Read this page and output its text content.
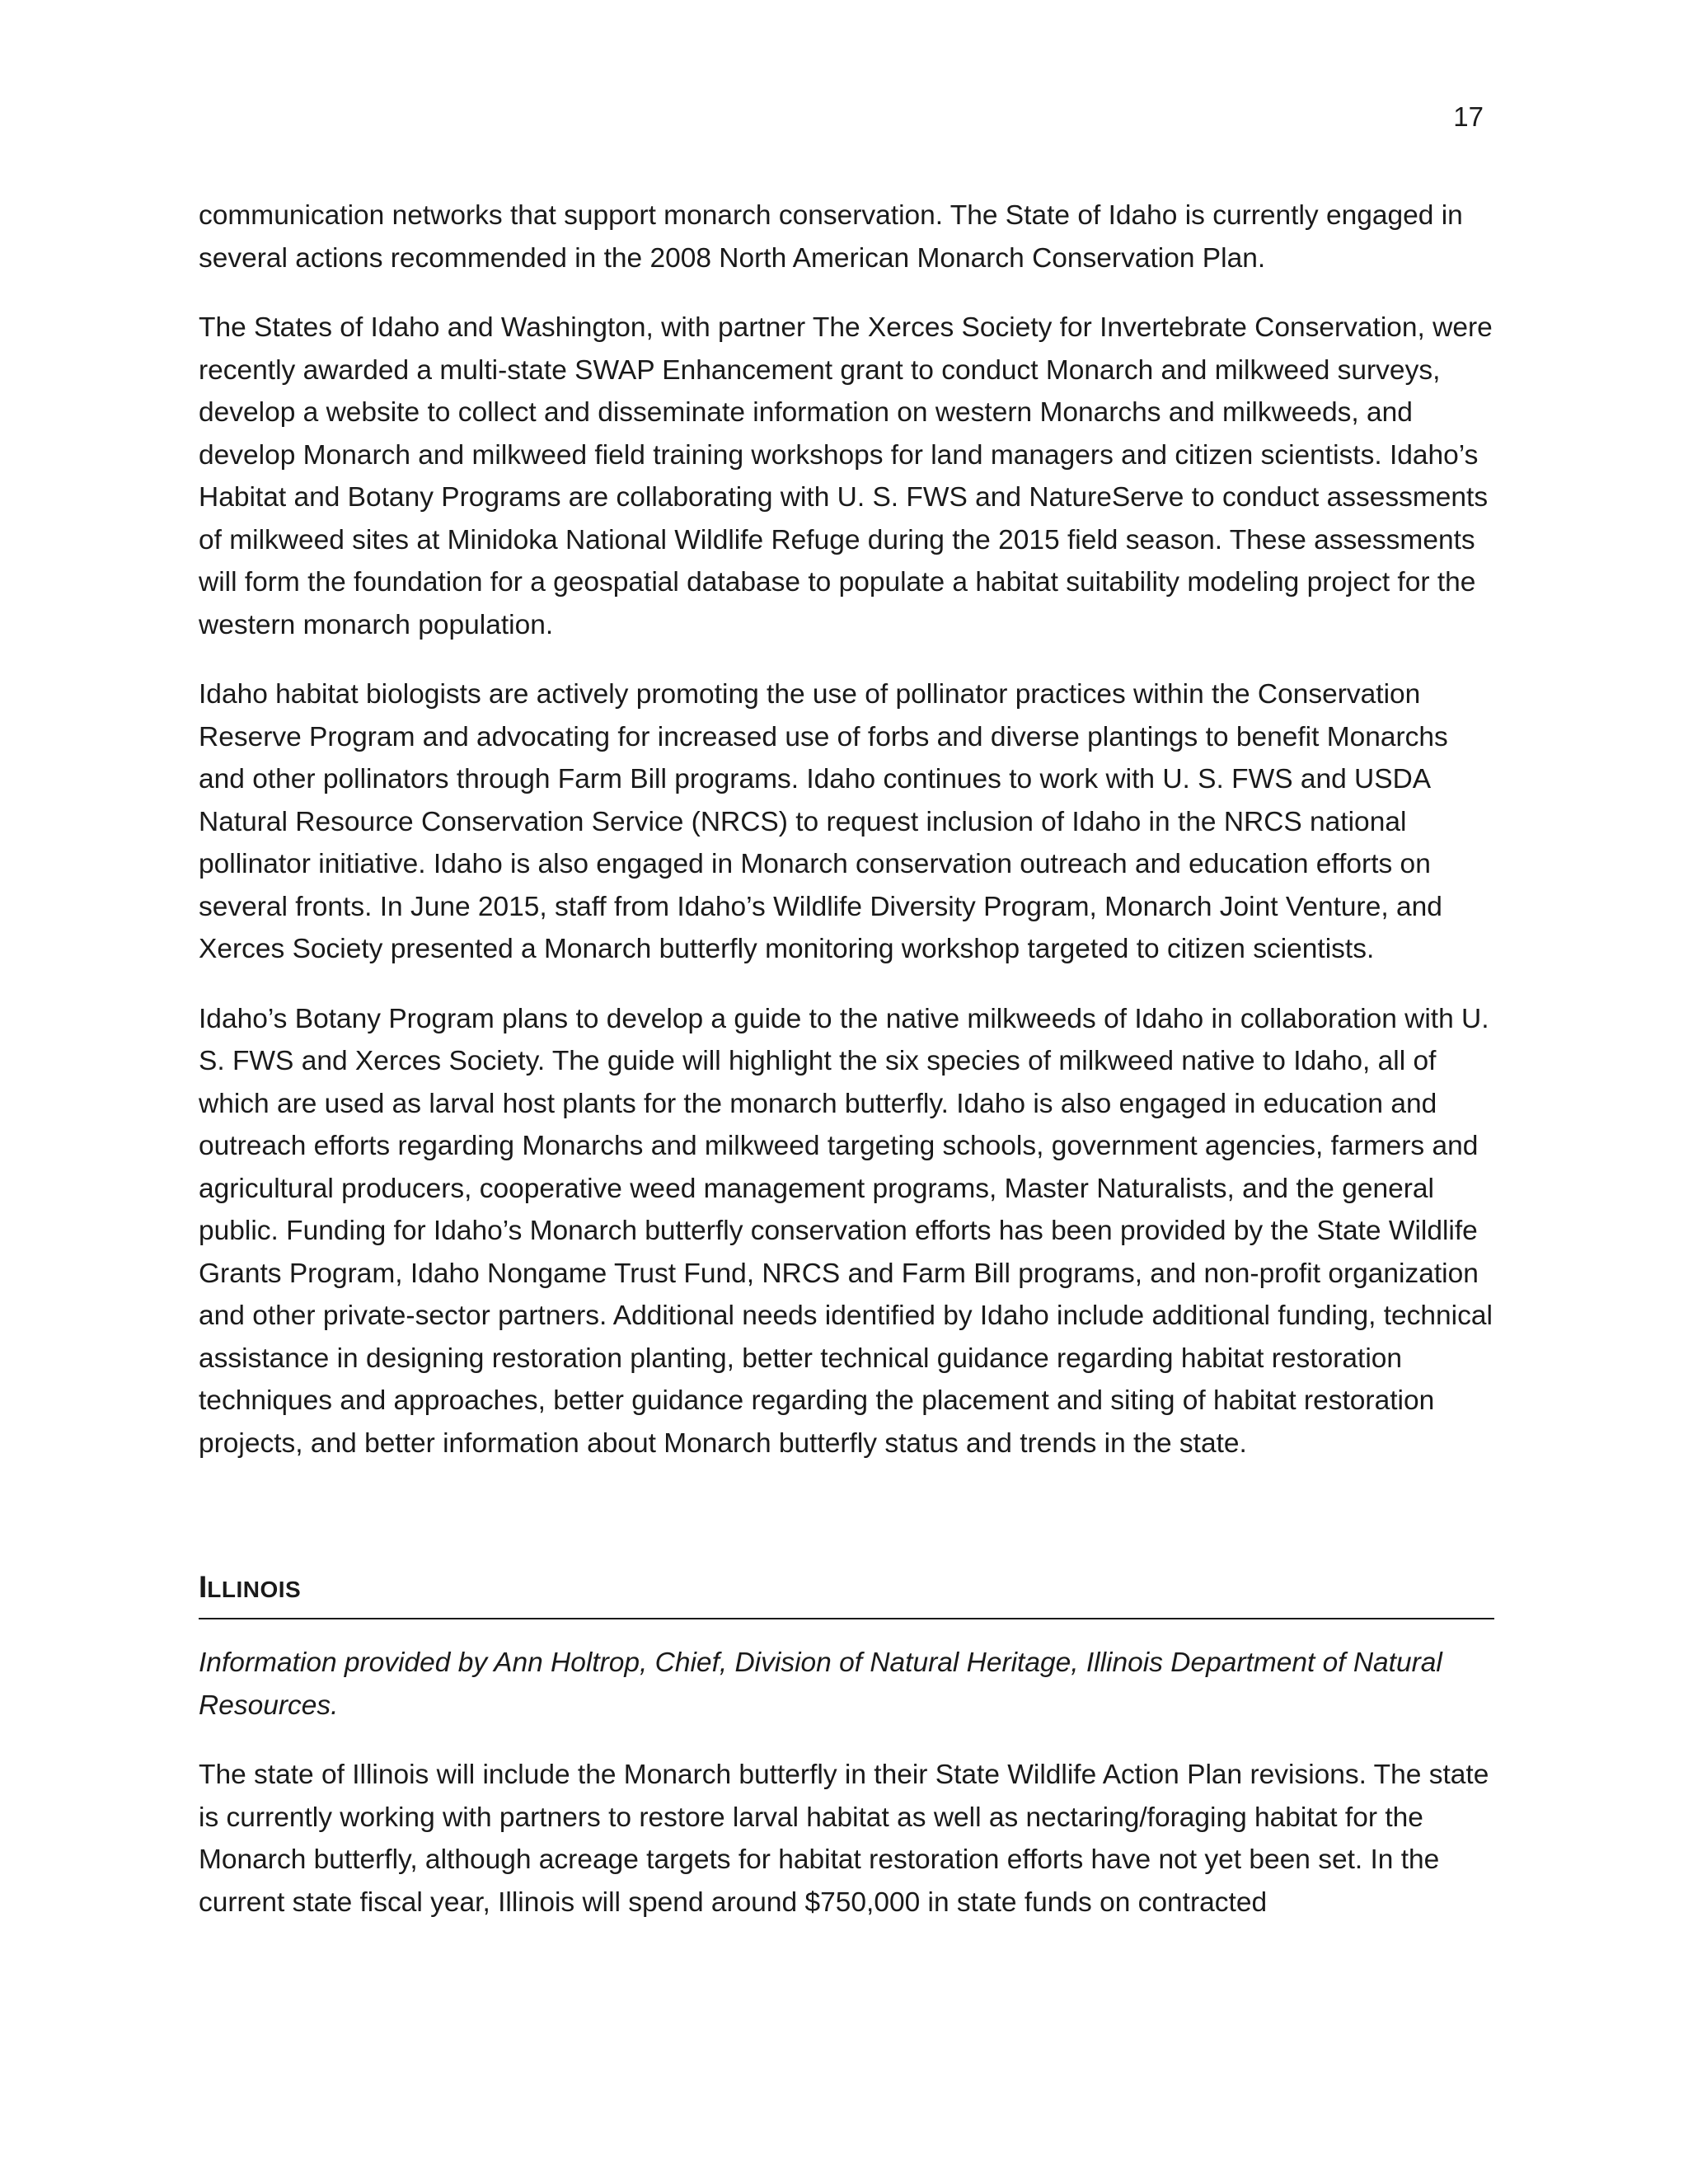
17

communication networks that support monarch conservation. The State of Idaho is currently engaged in several actions recommended in the 2008 North American Monarch Conservation Plan.

The States of Idaho and Washington, with partner The Xerces Society for Invertebrate Conservation, were recently awarded a multi-state SWAP Enhancement grant to conduct Monarch and milkweed surveys, develop a website to collect and disseminate information on western Monarchs and milkweeds, and develop Monarch and milkweed field training workshops for land managers and citizen scientists. Idaho’s Habitat and Botany Programs are collaborating with U. S. FWS and NatureServe to conduct assessments of milkweed sites at Minidoka National Wildlife Refuge during the 2015 field season. These assessments will form the foundation for a geospatial database to populate a habitat suitability modeling project for the western monarch population.

Idaho habitat biologists are actively promoting the use of pollinator practices within the Conservation Reserve Program and advocating for increased use of forbs and diverse plantings to benefit Monarchs and other pollinators through Farm Bill programs. Idaho continues to work with U. S. FWS and USDA Natural Resource Conservation Service (NRCS) to request inclusion of Idaho in the NRCS national pollinator initiative. Idaho is also engaged in Monarch conservation outreach and education efforts on several fronts. In June 2015, staff from Idaho’s Wildlife Diversity Program, Monarch Joint Venture, and Xerces Society presented a Monarch butterfly monitoring workshop targeted to citizen scientists.

Idaho’s Botany Program plans to develop a guide to the native milkweeds of Idaho in collaboration with U. S. FWS and Xerces Society. The guide will highlight the six species of milkweed native to Idaho, all of which are used as larval host plants for the monarch butterfly. Idaho is also engaged in education and outreach efforts regarding Monarchs and milkweed targeting schools, government agencies, farmers and agricultural producers, cooperative weed management programs, Master Naturalists, and the general public. Funding for Idaho’s Monarch butterfly conservation efforts has been provided by the State Wildlife Grants Program, Idaho Nongame Trust Fund, NRCS and Farm Bill programs, and non-profit organization and other private-sector partners. Additional needs identified by Idaho include additional funding, technical assistance in designing restoration planting, better technical guidance regarding habitat restoration techniques and approaches, better guidance regarding the placement and siting of habitat restoration projects, and better information about Monarch butterfly status and trends in the state.

ILLINOIS

Information provided by Ann Holtrop, Chief, Division of Natural Heritage, Illinois Department of Natural Resources.

The state of Illinois will include the Monarch butterfly in their State Wildlife Action Plan revisions. The state is currently working with partners to restore larval habitat as well as nectaring/foraging habitat for the Monarch butterfly, although acreage targets for habitat restoration efforts have not yet been set. In the current state fiscal year, Illinois will spend around $750,000 in state funds on contracted
